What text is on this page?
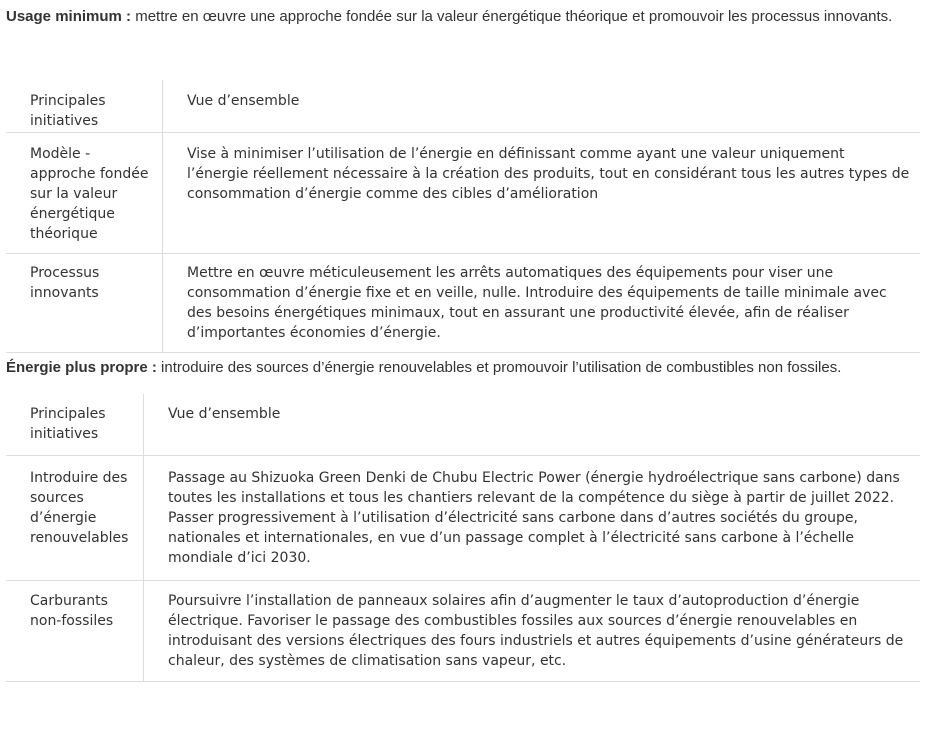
Usage minimum : mettre en œuvre une approche fondée sur la valeur énergétique théorique et promouvoir les processus innovants.

Principales initiatives	Vue d’ensemble
Modèle - approche fondée sur la valeur énergétique théorique	Vise à minimiser l’utilisation de l’énergie en définissant comme ayant une valeur uniquement l’énergie réellement nécessaire à la création des produits, tout en considérant tous les autres types de consommation d’énergie comme des cibles d’amélioration
Processus innovants	Mettre en œuvre méticuleusement les arrêts automatiques des équipements pour viser une consommation d’énergie fixe et en veille, nulle. Introduire des équipements de taille minimale avec des besoins énergétiques minimaux, tout en assurant une productivité élevée, afin de réaliser d’importantes économies d’énergie.

Énergie plus propre : introduire des sources d’énergie renouvelables et promouvoir l’utilisation de combustibles non fossiles.

Principales initiatives	Vue d’ensemble
Introduire des sources d’énergie renouvelables	Passage au Shizuoka Green Denki de Chubu Electric Power (énergie hydroélectrique sans carbone) dans toutes les installations et tous les chantiers relevant de la compétence du siège à partir de juillet 2022. Passer progressivement à l’utilisation d’électricité sans carbone dans d’autres sociétés du groupe, nationales et internationales, en vue d’un passage complet à l’électricité sans carbone à l’échelle mondiale d’ici 2030.
Carburants non-fossiles	Poursuivre l’installation de panneaux solaires afin d’augmenter le taux d’autoproduction d’énergie électrique. Favoriser le passage des combustibles fossiles aux sources d’énergie renouvelables en introduisant des versions électriques des fours industriels et autres équipements d’usine générateurs de chaleur, des systèmes de climatisation sans vapeur, etc.
